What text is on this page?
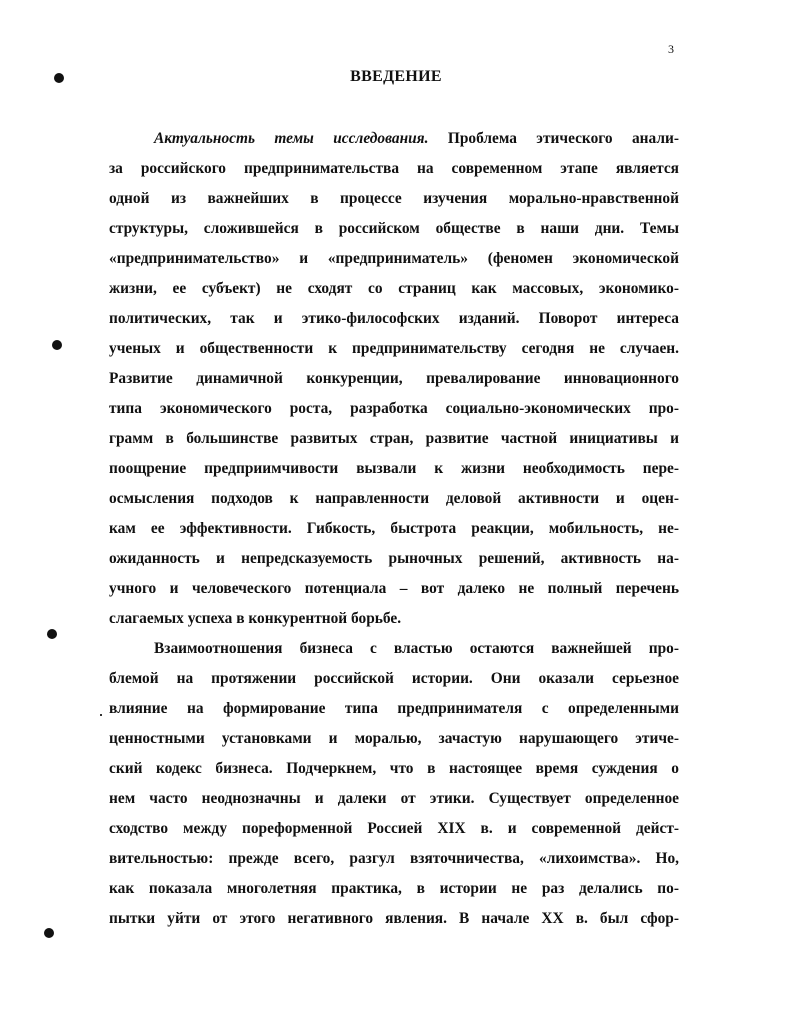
3
ВВЕДЕНИЕ
Актуальность темы исследования. Проблема этического анали-
за российского предпринимательства на современном этапе является
одной из важнейших в процессе изучения морально-нравственной
структуры, сложившейся в российском обществе в наши дни. Темы
«предпринимательство» и «предприниматель» (феномен экономической
жизни, ее субъект) не сходят со страниц как массовых, экономико-
политических, так и этико-философских изданий. Поворот интереса
ученых и общественности к предпринимательству сегодня не случаен.
Развитие динамичной конкуренции, превалирование инновационного
типа экономического роста, разработка социально-экономических про-
грамм в большинстве развитых стран, развитие частной инициативы и
поощрение предприимчивости вызвали к жизни необходимость пере-
осмысления подходов к направленности деловой активности и оцен-
кам ее эффективности. Гибкость, быстрота реакции, мобильность, не-
ожиданность и непредсказуемость рыночных решений, активность на-
учного и человеческого потенциала – вот далеко не полный перечень
слагаемых успеха в конкурентной борьбе.
Взаимоотношения бизнеса с властью остаются важнейшей про-
блемой на протяжении российской истории. Они оказали серьезное
влияние на формирование типа предпринимателя с определенными
ценностными установками и моралью, зачастую нарушающего этиче-
ский кодекс бизнеса. Подчеркнем, что в настоящее время суждения о
нем часто неоднозначны и далеки от этики. Существует определенное
сходство между пореформенной Россией XIX в. и современной дейст-
вительностью: прежде всего, разгул взяточничества, «лихоимства». Но,
как показала многолетняя практика, в истории не раз делались по-
пытки уйти от этого негативного явления. В начале XX в. был сфор-
